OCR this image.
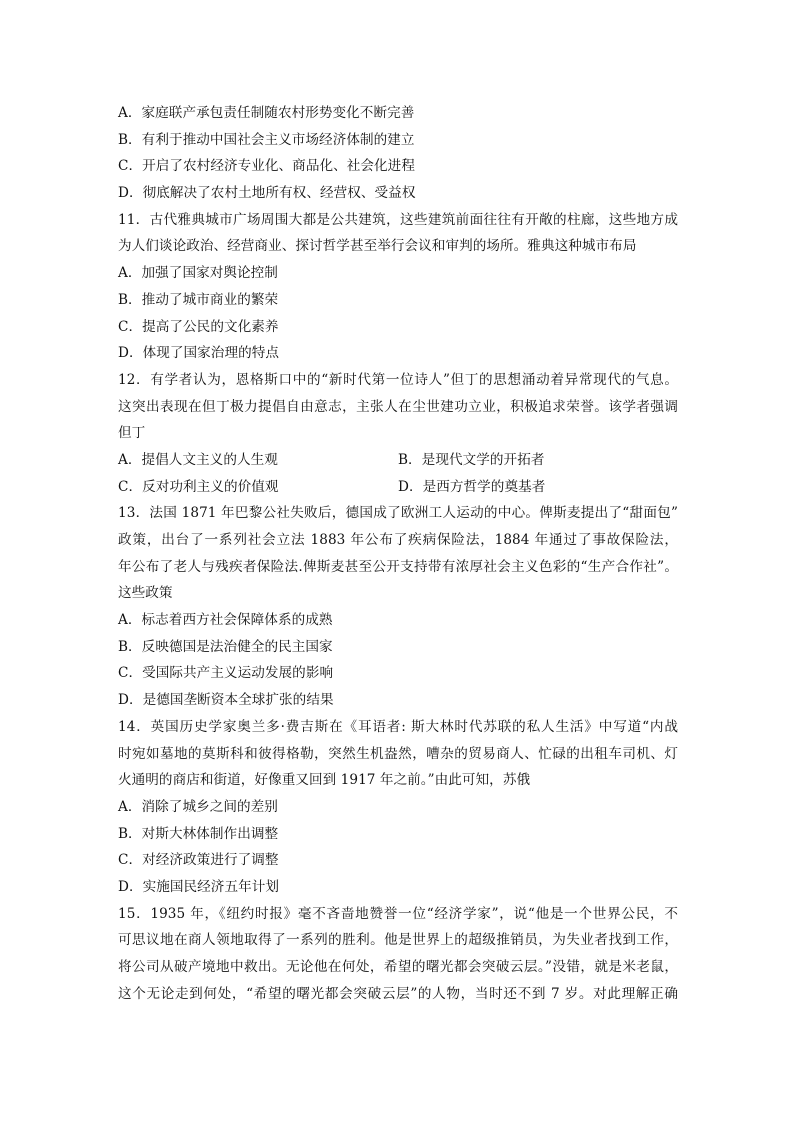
A．家庭联产承包责任制随农村形势变化不断完善
B．有利于推动中国社会主义市场经济体制的建立
C．开启了农村经济专业化、商品化、社会化进程
D．彻底解决了农村土地所有权、经营权、受益权
11．古代雅典城市广场周围大都是公共建筑，这些建筑前面往往有开敞的柱廊，这些地方成
为人们谈论政治、经营商业、探讨哲学甚至举行会议和审判的场所。雅典这种城市布局
A．加强了国家对舆论控制
B．推动了城市商业的繁荣
C．提高了公民的文化素养
D．体现了国家治理的特点
12．有学者认为，恩格斯口中的“新时代第一位诗人”但丁的思想涌动着异常现代的气息。
这突出表现在但丁极力提倡自由意志，主张人在尘世建功立业，积极追求荣誉。该学者强调
但丁
A．提倡人文主义的人生观	B．是现代文学的开拓者
C．反对功利主义的价值观	D．是西方哲学的奠基者
13．法国 1871 年巴黎公社失败后，德国成了欧洲工人运动的中心。俾斯麦提出了“甜面包”
政策，出台了一系列社会立法 1883 年公布了疾病保险法，1884 年通过了事故保险法，
年公布了老人与残疾者保险法.俾斯麦甚至公开支持带有浓厚社会主义色彩的“生产合作社”。
这些政策
A．标志着西方社会保障体系的成熟
B．反映德国是法治健全的民主国家
C．受国际共产主义运动发展的影响
D．是德国垄断资本全球扩张的结果
14．英国历史学家奥兰多·费吉斯在《耳语者: 斯大林时代苏联的私人生活》中写道“内战
时宛如墓地的莫斯科和彼得格勒，突然生机盎然，嘈杂的贸易商人、忙碌的出租车司机、灯
火通明的商店和街道，好像重又回到 1917 年之前。”由此可知，苏俄
A．消除了城乡之间的差别
B．对斯大林体制作出调整
C．对经济政策进行了调整
D．实施国民经济五年计划
15．1935 年，《纽约时报》毫不吝啬地赞誉一位“经济学家”，说“他是一个世界公民，不
可思议地在商人领地取得了一系列的胜利。他是世界上的超级推销员，为失业者找到工作，
将公司从破产境地中救出。无论他在何处，希望的曙光都会突破云层。”没错，就是米老鼠，
这个无论走到何处，“希望的曙光都会突破云层”的人物，当时还不到 7 岁。对此理解正确
